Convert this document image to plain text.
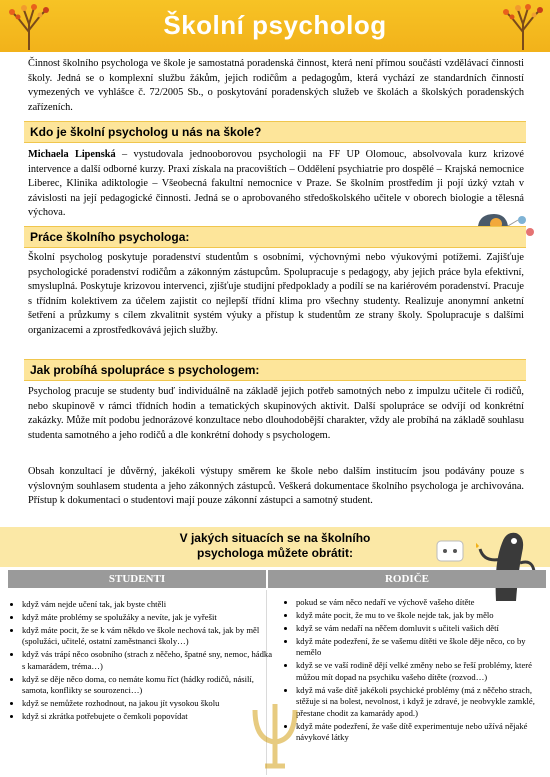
Školní psycholog

Činnost školního psychologa ve škole je samostatná poradenská činnost, která není přímou součástí vzdělávací činnosti školy. Jedná se o komplexní službu žákům, jejich rodičům a pedagogům, která vychází ze standardních činností vymezených ve vyhlášce č. 72/2005 Sb., o poskytování poradenských služeb ve školách a školských poradenských zařízeních.

Kdo je školní psycholog u nás na škole?

Michaela Lipenská – vystudovala jednooborovou psychologii na FF UP Olomouc, absolvovala kurz krizové intervence a další odborné kurzy. Praxi získala na pracovištích – Oddělení psychiatrie pro dospělé – Krajská nemocnice Liberec, Klinika adiktologie – Všeobecná fakultní nemocnice v Praze. Se školním prostředím ji pojí úzký vztah v závislosti na její pedagogické činnosti. Jedná se o aprobovaného středoškolského učitele v oborech biologie a tělesná výchova.

Práce školního psychologa:

Školní psycholog poskytuje poradenství studentům s osobními, výchovnými nebo výukovými potížemi. Zajišťuje psychologické poradenství rodičům a zákonným zástupcům. Spolupracuje s pedagogy, aby jejich práce byla efektivní, smysluplná. Poskytuje krizovou intervenci, zjišťuje studijní předpoklady a podílí se na kariérovém poradenství. Pracuje s třídním kolektivem za účelem zajistit co nejlepší třídní klima pro všechny studenty. Realizuje anonymní anketní šetření a průzkumy s cílem zkvalitnit systém výuky a přístup k studentům ze strany školy. Spolupracuje s dalšími organizacemi a zprostředkovává jejich služby.

Jak probíhá spolupráce s psychologem:

Psycholog pracuje se studenty buď individuálně na základě jejich potřeb samotných nebo z impulzu učitele či rodičů, nebo skupinově v rámci třídních hodin a tematických skupinových aktivit. Další spolupráce se odvíjí od konkrétní zakázky. Může mít podobu jednorázové konzultace nebo dlouhodobější charakter, vždy ale probíhá na základě souhlasu studenta samotného a jeho rodičů a dle konkrétní dohody s psychologem.

Obsah konzultací je důvěrný, jakékoli výstupy směrem ke škole nebo dalším institucím jsou podávány pouze s výslovným souhlasem studenta a jeho zákonných zástupců. Veškerá dokumentace školního psychologa je archivována. Přístup k dokumentaci o studentovi mají pouze zákonní zástupci a samotný student.

V jakých situacích se na školního
psychologa můžete obrátit:
STUDENTI	RODIČE
• když vám nejde učení tak, jak byste chtěli
• když máte problémy se spolužáky a nevíte, jak je vyřešit
• když máte pocit, že se k vám někdo ve škole nechová tak, jak by měl (spolužáci, učitelé, ostatní zaměstnanci školy…)
• když vás trápí něco osobního (strach z něčeho, špatné sny, nemoc, hádka s kamarádem, tréma…)
• když se děje něco doma, co nemáte komu říct (hádky rodičů, násilí, samota, konflikty se sourozenci…)
• když se nemůžete rozhodnout, na jakou jít vysokou školu
• když si zkrátka potřebujete o čemkoli popovídat
• pokud se vám něco nedaří ve výchově vašeho dítěte
• když máte pocit, že mu to ve škole nejde tak, jak by mělo
• když se vám nedaří na něčem domluvit s učiteli vašich dětí
• když máte podezření, že se vašemu dítěti ve škole děje něco, co by nemělo
• když se ve vaší rodině dějí velké změny nebo se řeší problémy, které můžou mít dopad na psychiku vašeho dítěte (rozvod…)
• když má vaše dítě jakékoli psychické problémy (má z něčeho strach, stěžuje si na bolest, nevolnost, i když je zdravé, je neobvykle zamklé, přestane chodit za kamarády apod.)
• když máte podezření, že vaše dítě experimentuje nebo užívá nějaké návykové látky
